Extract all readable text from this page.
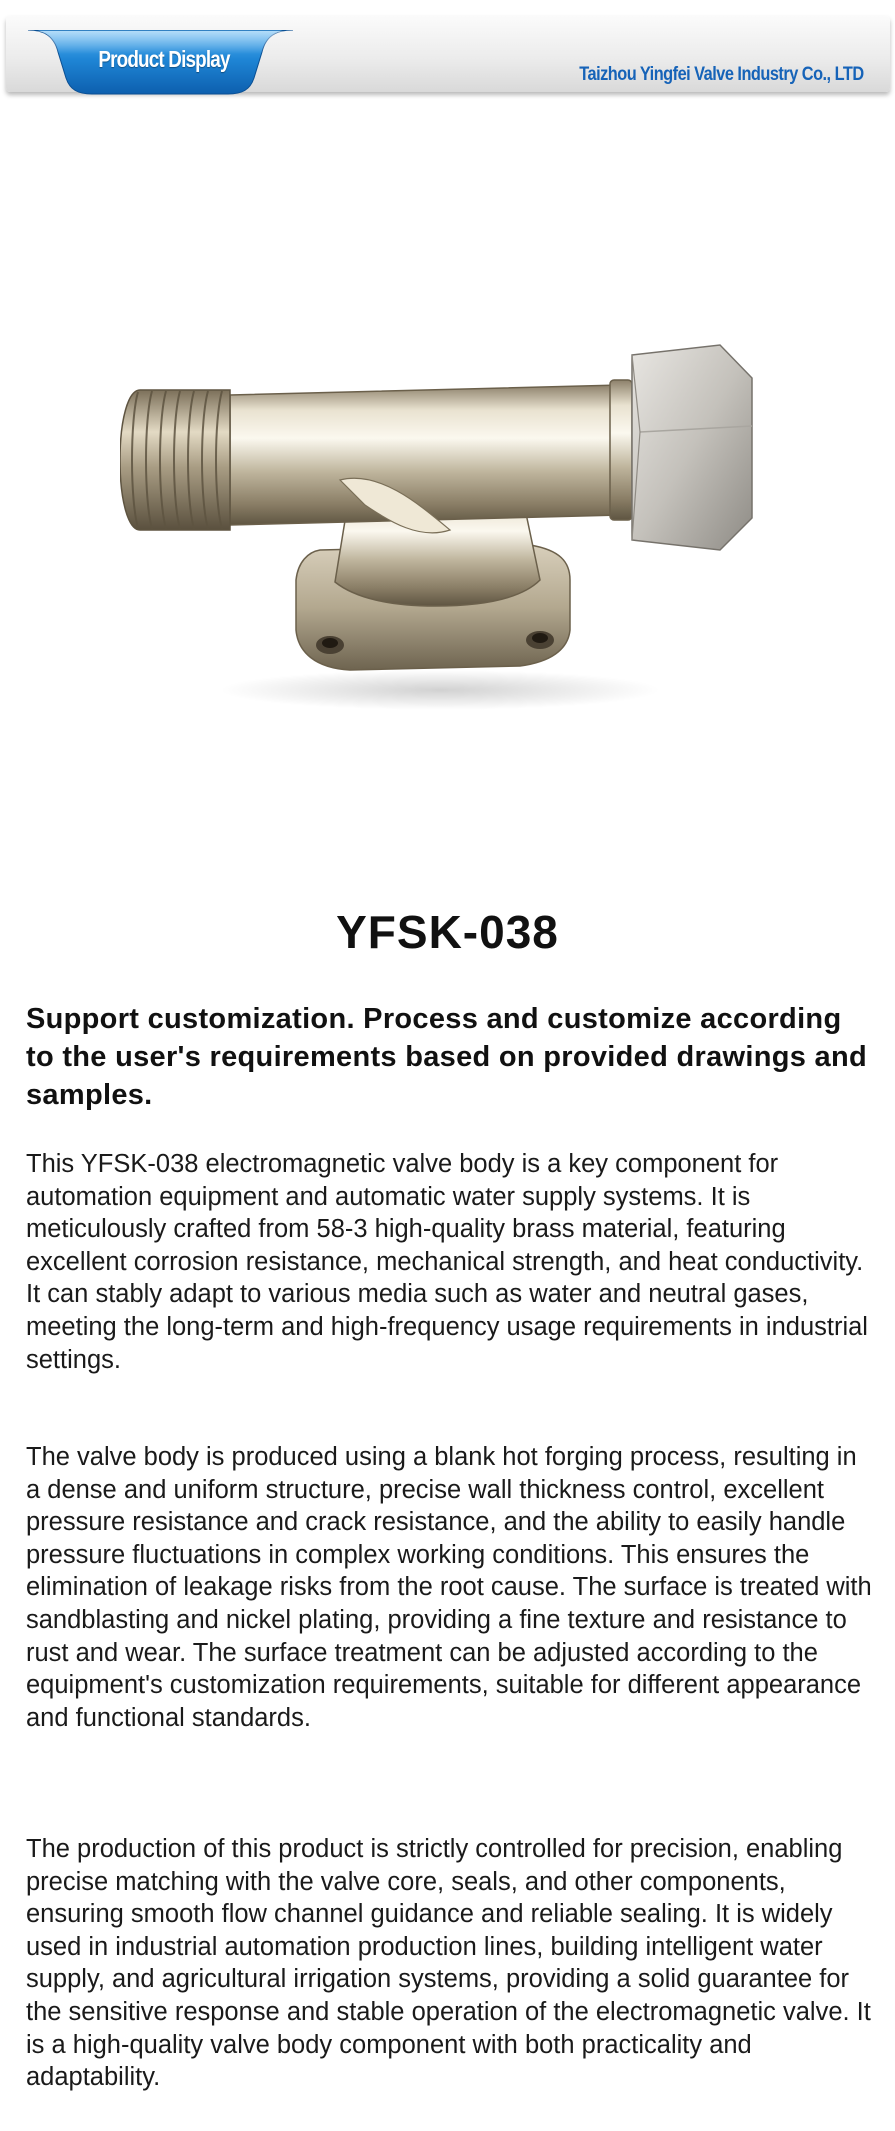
Product Display
Taizhou Yingfei Valve Industry Co., LTD
YFSK-038

Support customization. Process and customize according to the user's requirements based on provided drawings and samples.

This YFSK-038 electromagnetic valve body is a key component for automation equipment and automatic water supply systems. It is meticulously crafted from 58-3 high-quality brass material, featuring excellent corrosion resistance, mechanical strength, and heat conductivity. It can stably adapt to various media such as water and neutral gases, meeting the long-term and high-frequency usage requirements in industrial settings.

The valve body is produced using a blank hot forging process, resulting in a dense and uniform structure, precise wall thickness control, excellent pressure resistance and crack resistance, and the ability to easily handle pressure fluctuations in complex working conditions. This ensures the elimination of leakage risks from the root cause. The surface is treated with sandblasting and nickel plating, providing a fine texture and resistance to rust and wear. The surface treatment can be adjusted according to the equipment's customization requirements, suitable for different appearance and functional standards.

The production of this product is strictly controlled for precision, enabling precise matching with the valve core, seals, and other components, ensuring smooth flow channel guidance and reliable sealing. It is widely used in industrial automation production lines, building intelligent water supply, and agricultural irrigation systems, providing a solid guarantee for the sensitive response and stable operation of the electromagnetic valve. It is a high-quality valve body component with both practicality and adaptability.
